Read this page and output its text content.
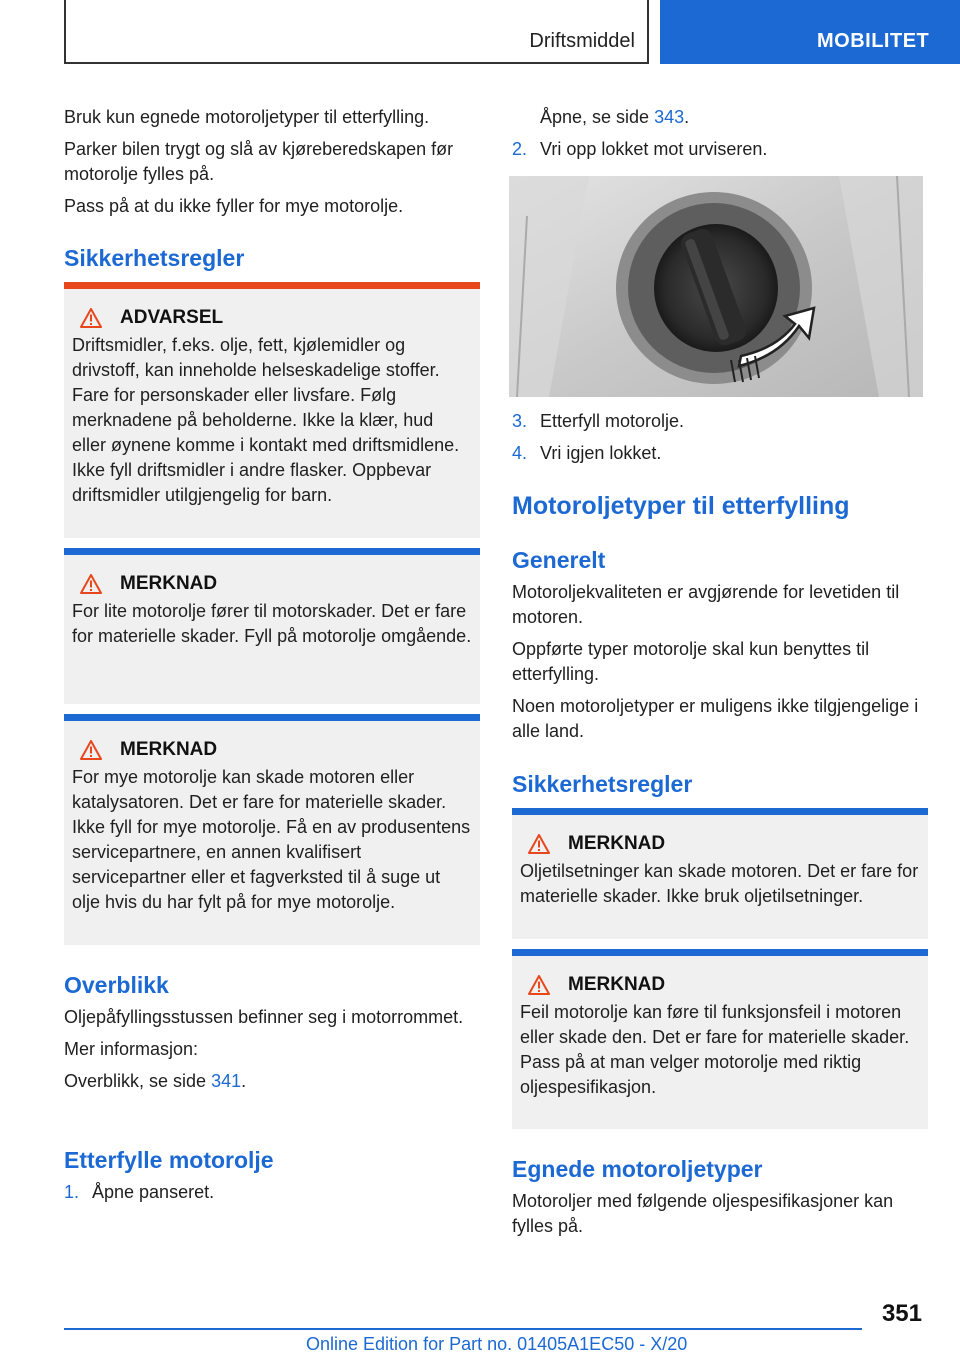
Driftsmiddel	MOBILITET

Bruk kun egnede motoroljetyper til etterfylling.

Parker bilen trygt og slå av kjøreberedskapen før motorolje fylles på.

Pass på at du ikke fyller for mye motorolje.

Sikkerhetsregler
ADVARSEL
Driftsmidler, f.eks. olje, fett, kjølemidler og drivstoff, kan inneholde helseskadelige stoffer. Fare for personskader eller livsfare. Følg merknadene på beholderne. Ikke la klær, hud eller øynene komme i kontakt med driftsmidlene. Ikke fyll driftsmidler i andre flasker. Oppbevar driftsmidler utilgjengelig for barn.
MERKNAD
For lite motorolje fører til motorskader. Det er fare for materielle skader. Fyll på motorolje omgående.
MERKNAD
For mye motorolje kan skade motoren eller katalysatoren. Det er fare for materielle skader. Ikke fyll for mye motorolje. Få en av produsentens servicepartnere, en annen kvalifisert servicepartner eller et fagverksted til å suge ut olje hvis du har fylt på for mye motorolje.
Overblikk

Oljepåfyllingsstussen befinner seg i motorrommet.

Mer informasjon:

Overblikk, se side 341.

Etterfylle motorolje
1. Åpne panseret.
Åpne, se side 343.
2. Vri opp lokket mot urviseren.
3. Etterfyll motorolje.
4. Vri igjen lokket.
Motoroljetyper til etterfylling
Generelt

Motoroljekvaliteten er avgjørende for levetiden til motoren.

Oppførte typer motorolje skal kun benyttes til etterfylling.

Noen motoroljetyper er muligens ikke tilgjengelige i alle land.

Sikkerhetsregler
MERKNAD
Oljetilsetninger kan skade motoren. Det er fare for materielle skader. Ikke bruk oljetilsetninger.
MERKNAD
Feil motorolje kan føre til funksjonsfeil i motoren eller skade den. Det er fare for materielle skader. Pass på at man velger motorolje med riktig oljespesifikasjon.
Egnede motoroljetyper

Motoroljer med følgende oljespesifikasjoner kan fylles på.

351
Online Edition for Part no. 01405A1EC50 - X/20
